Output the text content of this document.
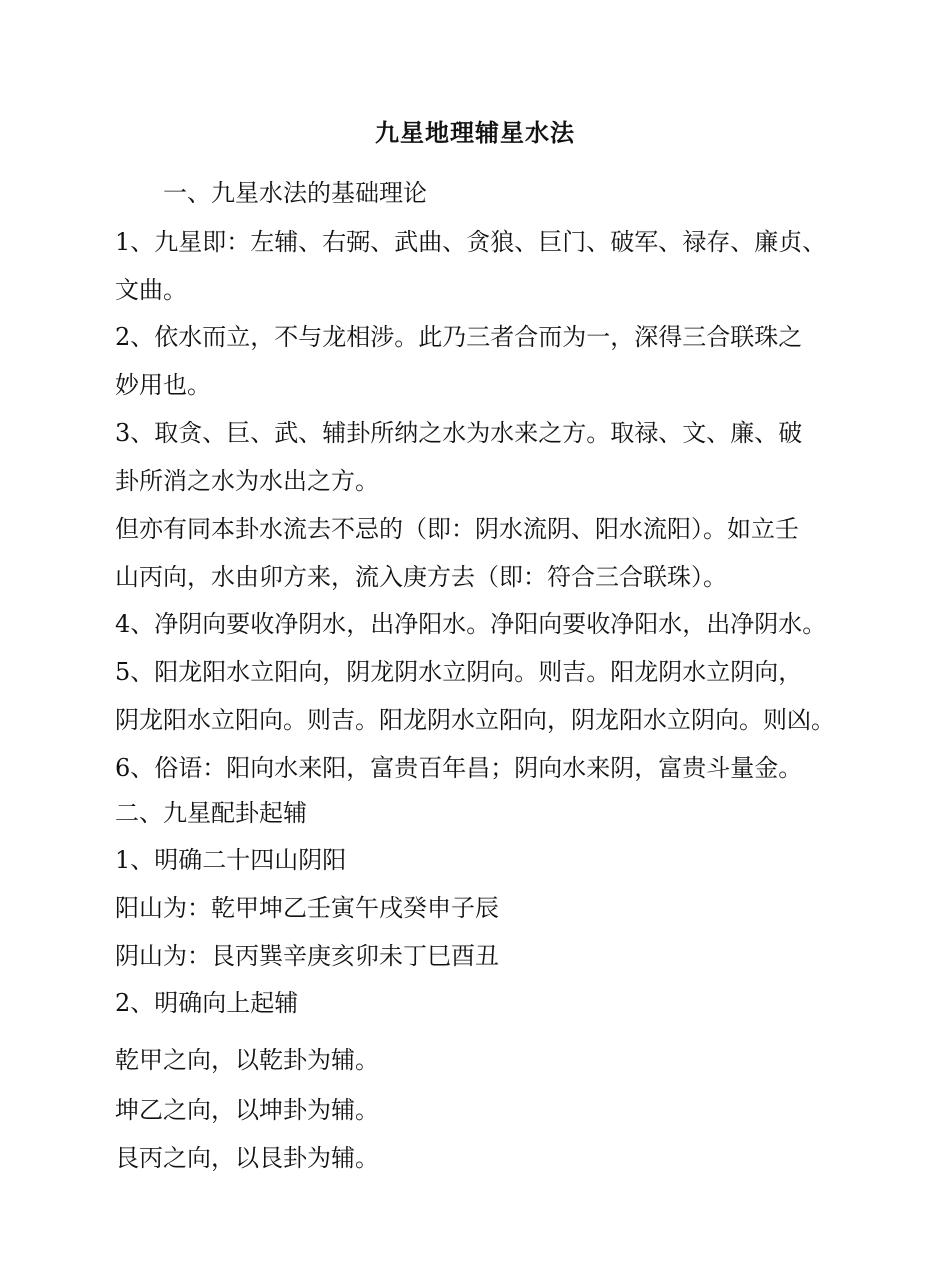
九星地理辅星水法
一、九星水法的基础理论
1、九星即：左辅、右弼、武曲、贪狼、巨门、破军、禄存、廉贞、
文曲。
2、依水而立，不与龙相涉。此乃三者合而为一，深得三合联珠之
妙用也。
3、取贪、巨、武、辅卦所纳之水为水来之方。取禄、文、廉、破
卦所消之水为水出之方。
但亦有同本卦水流去不忌的（即：阴水流阴、阳水流阳）。如立壬
山丙向，水由卯方来，流入庚方去（即：符合三合联珠）。
4、净阴向要收净阴水，出净阳水。净阳向要收净阳水，出净阴水。
5、阳龙阳水立阳向，阴龙阴水立阴向。则吉。阳龙阴水立阴向，
阴龙阳水立阳向。则吉。阳龙阴水立阳向，阴龙阳水立阴向。则凶。
6、俗语：阳向水来阳，富贵百年昌；阴向水来阴，富贵斗量金。
二、九星配卦起辅
1、明确二十四山阴阳
阳山为：乾甲坤乙壬寅午戌癸申子辰
阴山为：艮丙巽辛庚亥卯未丁巳酉丑
2、明确向上起辅
乾甲之向，以乾卦为辅。
坤乙之向，以坤卦为辅。
艮丙之向，以艮卦为辅。
